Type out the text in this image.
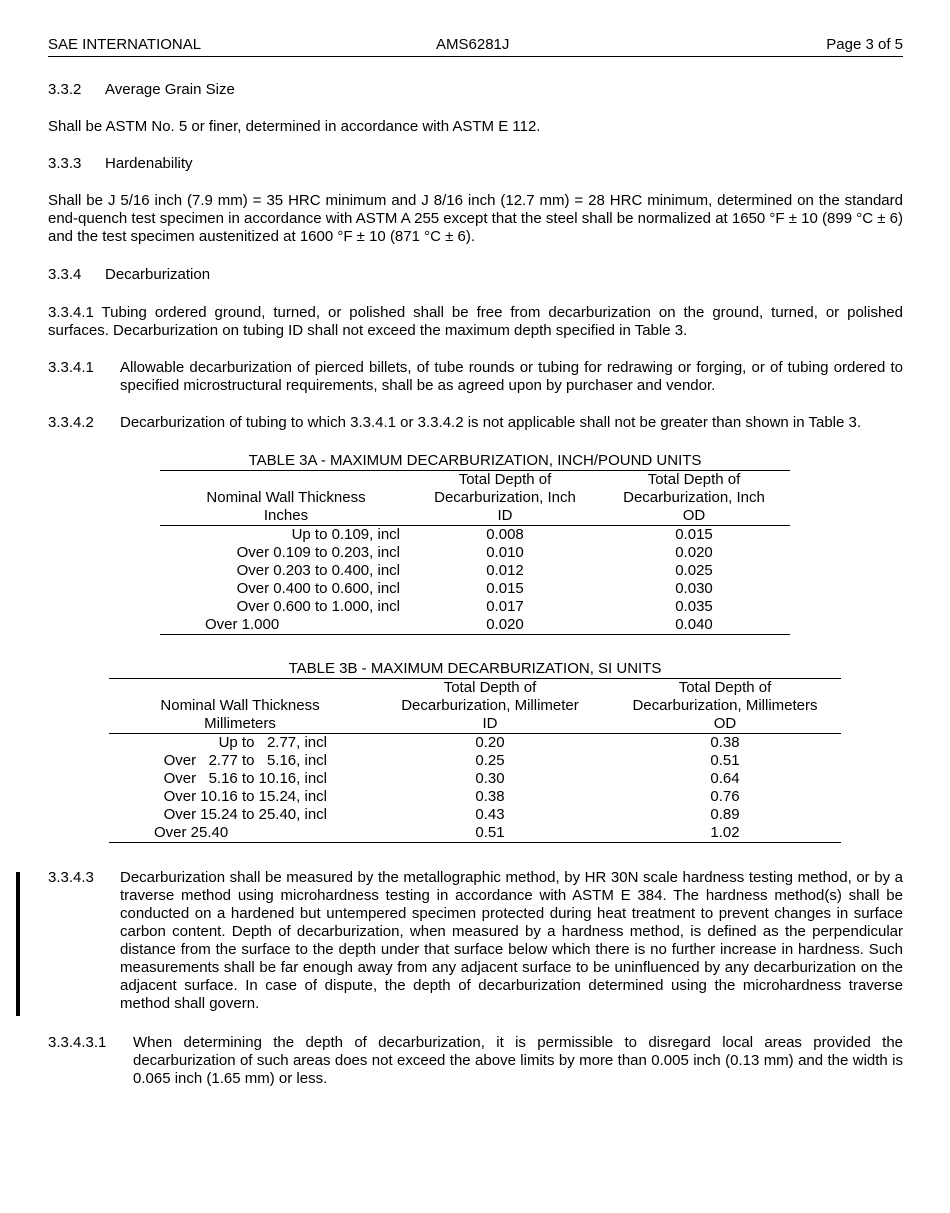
SAE INTERNATIONAL	AMS6281J	Page 3 of 5
3.3.2 Average Grain Size
Shall be ASTM No. 5 or finer, determined in accordance with ASTM E 112.
3.3.3 Hardenability
Shall be J 5/16 inch (7.9 mm) = 35 HRC minimum and J 8/16 inch (12.7 mm) = 28 HRC minimum, determined on the standard end-quench test specimen in accordance with ASTM A 255 except that the steel shall be normalized at 1650 °F ± 10 (899 °C ± 6) and the test specimen austenitized at 1600 °F ± 10 (871 °C ± 6).
3.3.4 Decarburization
3.3.4.1 Tubing ordered ground, turned, or polished shall be free from decarburization on the ground, turned, or polished surfaces. Decarburization on tubing ID shall not exceed the maximum depth specified in Table 3.
3.3.4.1 Allowable decarburization of pierced billets, of tube rounds or tubing for redrawing or forging, or of tubing ordered to specified microstructural requirements, shall be as agreed upon by purchaser and vendor.
3.3.4.2 Decarburization of tubing to which 3.3.4.1 or 3.3.4.2 is not applicable shall not be greater than shown in Table 3.
TABLE 3A - MAXIMUM DECARBURIZATION, INCH/POUND UNITS
	Total Depth of	Total Depth of
Nominal Wall Thickness	Decarburization, Inch	Decarburization, Inch
Inches	ID	OD
Up to 0.109, incl	0.008	0.015
Over 0.109 to 0.203, incl	0.010	0.020
Over 0.203 to 0.400, incl	0.012	0.025
Over 0.400 to 0.600, incl	0.015	0.030
Over 0.600 to 1.000, incl	0.017	0.035
Over 1.000	0.020	0.040
TABLE 3B - MAXIMUM DECARBURIZATION, SI UNITS
	Total Depth of	Total Depth of
Nominal Wall Thickness	Decarburization, Millimeter	Decarburization, Millimeters
Millimeters	ID	OD
Up to   2.77, incl	0.20	0.38
Over   2.77 to   5.16, incl	0.25	0.51
Over   5.16 to 10.16, incl	0.30	0.64
Over 10.16 to 15.24, incl	0.38	0.76
Over 15.24 to 25.40, incl	0.43	0.89
Over 25.40	0.51	1.02
3.3.4.3 Decarburization shall be measured by the metallographic method, by HR 30N scale hardness testing method, or by a traverse method using microhardness testing in accordance with ASTM E 384. The hardness method(s) shall be conducted on a hardened but untempered specimen protected during heat treatment to prevent changes in surface carbon content. Depth of decarburization, when measured by a hardness method, is defined as the perpendicular distance from the surface to the depth under that surface below which there is no further increase in hardness. Such measurements shall be far enough away from any adjacent surface to be uninfluenced by any decarburization on the adjacent surface. In case of dispute, the depth of decarburization determined using the microhardness traverse method shall govern.
3.3.4.3.1 When determining the depth of decarburization, it is permissible to disregard local areas provided the decarburization of such areas does not exceed the above limits by more than 0.005 inch (0.13 mm) and the width is 0.065 inch (1.65 mm) or less.
